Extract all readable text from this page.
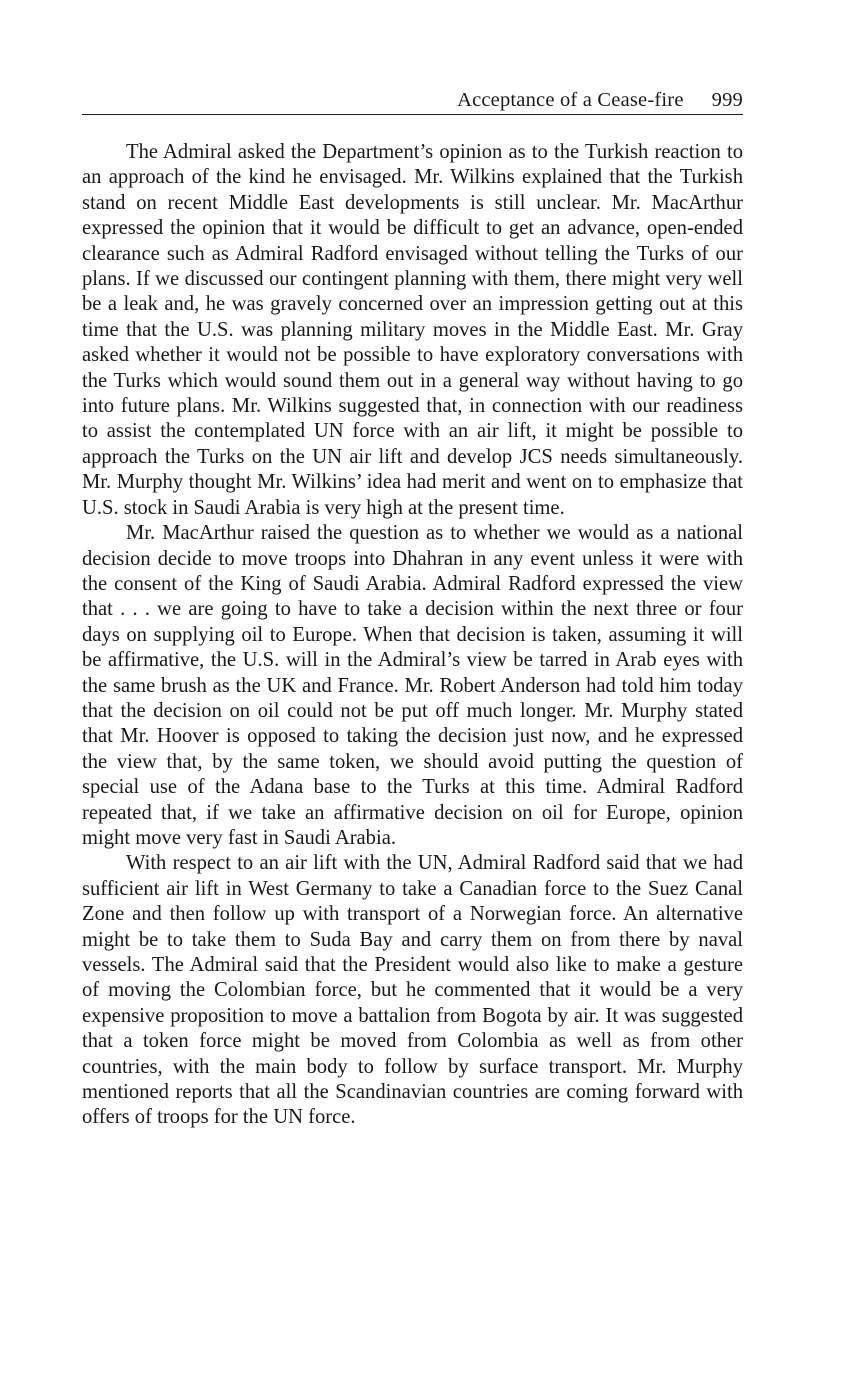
Acceptance of a Cease-fire 999

The Admiral asked the Department’s opinion as to the Turkish reaction to an approach of the kind he envisaged. Mr. Wilkins explained that the Turkish stand on recent Middle East developments is still unclear. Mr. MacArthur expressed the opinion that it would be difficult to get an advance, open-ended clearance such as Admiral Radford envisaged without telling the Turks of our plans. If we discussed our contingent planning with them, there might very well be a leak and, he was gravely concerned over an impression getting out at this time that the U.S. was planning military moves in the Middle East. Mr. Gray asked whether it would not be possible to have exploratory conversations with the Turks which would sound them out in a general way without having to go into future plans. Mr. Wilkins suggested that, in connection with our readiness to assist the contemplated UN force with an air lift, it might be possible to approach the Turks on the UN air lift and develop JCS needs simultaneously. Mr. Murphy thought Mr. Wilkins’ idea had merit and went on to emphasize that U.S. stock in Saudi Arabia is very high at the present time.

Mr. MacArthur raised the question as to whether we would as a national decision decide to move troops into Dhahran in any event unless it were with the consent of the King of Saudi Arabia. Admiral Radford expressed the view that . . . we are going to have to take a decision within the next three or four days on supplying oil to Europe. When that decision is taken, assuming it will be affirmative, the U.S. will in the Admiral’s view be tarred in Arab eyes with the same brush as the UK and France. Mr. Robert Anderson had told him today that the decision on oil could not be put off much longer. Mr. Murphy stated that Mr. Hoover is opposed to taking the decision just now, and he expressed the view that, by the same token, we should avoid putting the question of special use of the Adana base to the Turks at this time. Admiral Radford repeated that, if we take an affirmative decision on oil for Europe, opinion might move very fast in Saudi Arabia.

With respect to an air lift with the UN, Admiral Radford said that we had sufficient air lift in West Germany to take a Canadian force to the Suez Canal Zone and then follow up with transport of a Norwegian force. An alternative might be to take them to Suda Bay and carry them on from there by naval vessels. The Admiral said that the President would also like to make a gesture of moving the Colombian force, but he commented that it would be a very expensive proposition to move a battalion from Bogota by air. It was suggested that a token force might be moved from Colombia as well as from other countries, with the main body to follow by surface transport. Mr. Murphy mentioned reports that all the Scandinavian countries are coming forward with offers of troops for the UN force.
